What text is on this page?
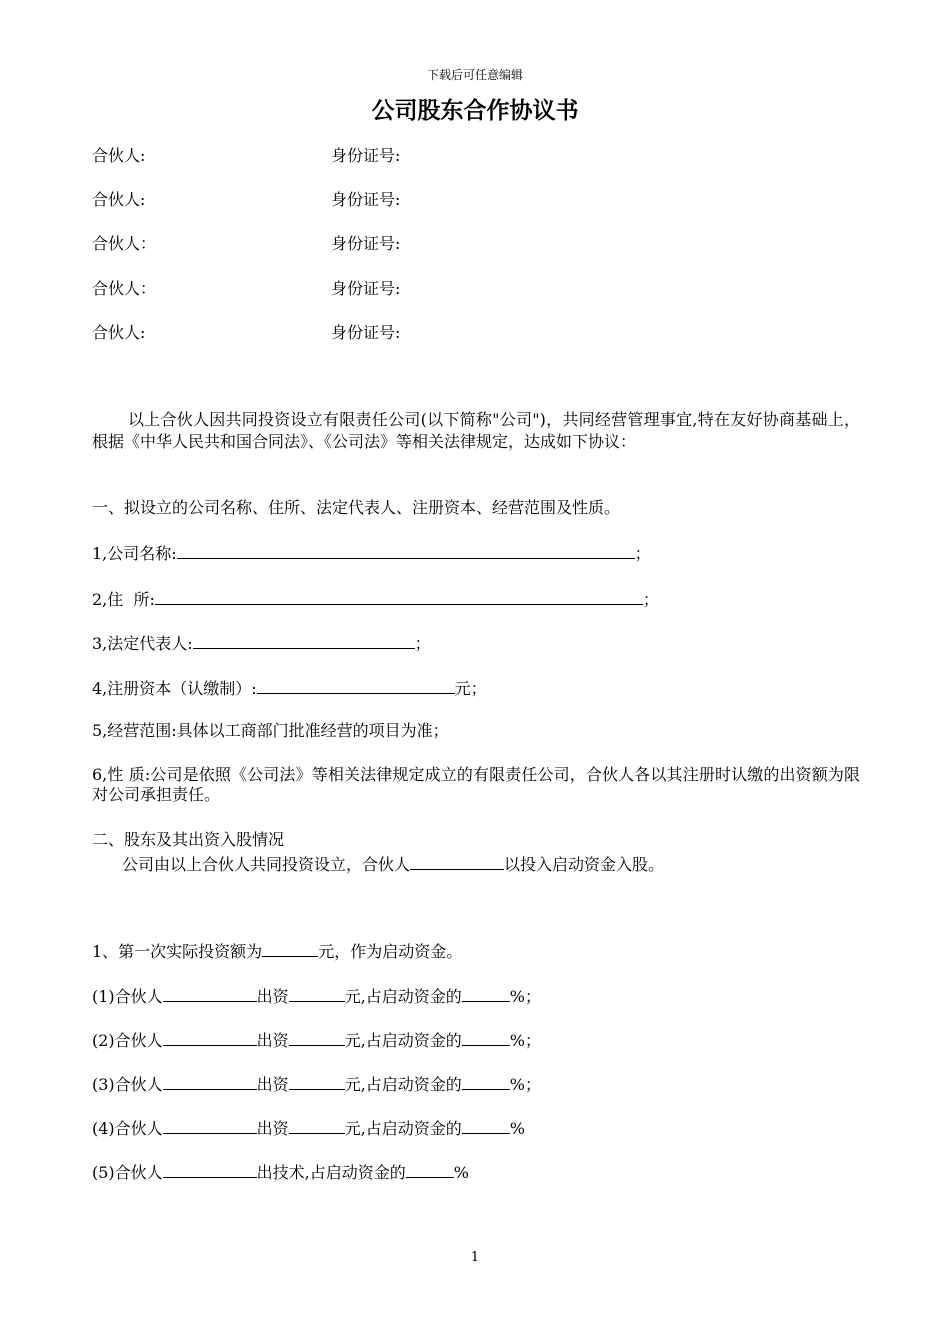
下载后可任意编辑
公司股东合作协议书
合伙人:	身份证号:
合伙人:	身份证号:
合伙人：	身份证号:
合伙人：	身份证号:
合伙人:	身份证号:
以上合伙人因共同投资设立有限责任公司(以下简称"公司")，共同经营管理事宜,特在友好协商基础上，根据《中华人民共和国合同法》、《公司法》等相关法律规定，达成如下协议：
一、拟设立的公司名称、住所、法定代表人、注册资本、经营范围及性质。
1,公司名称:	；
2,住  所:	；
3,法定代表人:	；
4,注册资本（认缴制）:	元；
5,经营范围:具体以工商部门批准经营的项目为准；
6,性 质:公司是依照《公司法》等相关法律规定成立的有限责任公司，合伙人各以其注册时认缴的出资额为限对公司承担责任。
二、股东及其出资入股情况
公司由以上合伙人共同投资设立，合伙人	以投入启动资金入股。
1、第一次实际投资额为	元，作为启动资金。
(1)合伙人	出资	元,占启动资金的	%；
(2)合伙人	出资	元,占启动资金的	%；
(3)合伙人	出资	元,占启动资金的	%；
(4)合伙人	出资	元,占启动资金的	%
(5)合伙人	出技术,占启动资金的	%
1
